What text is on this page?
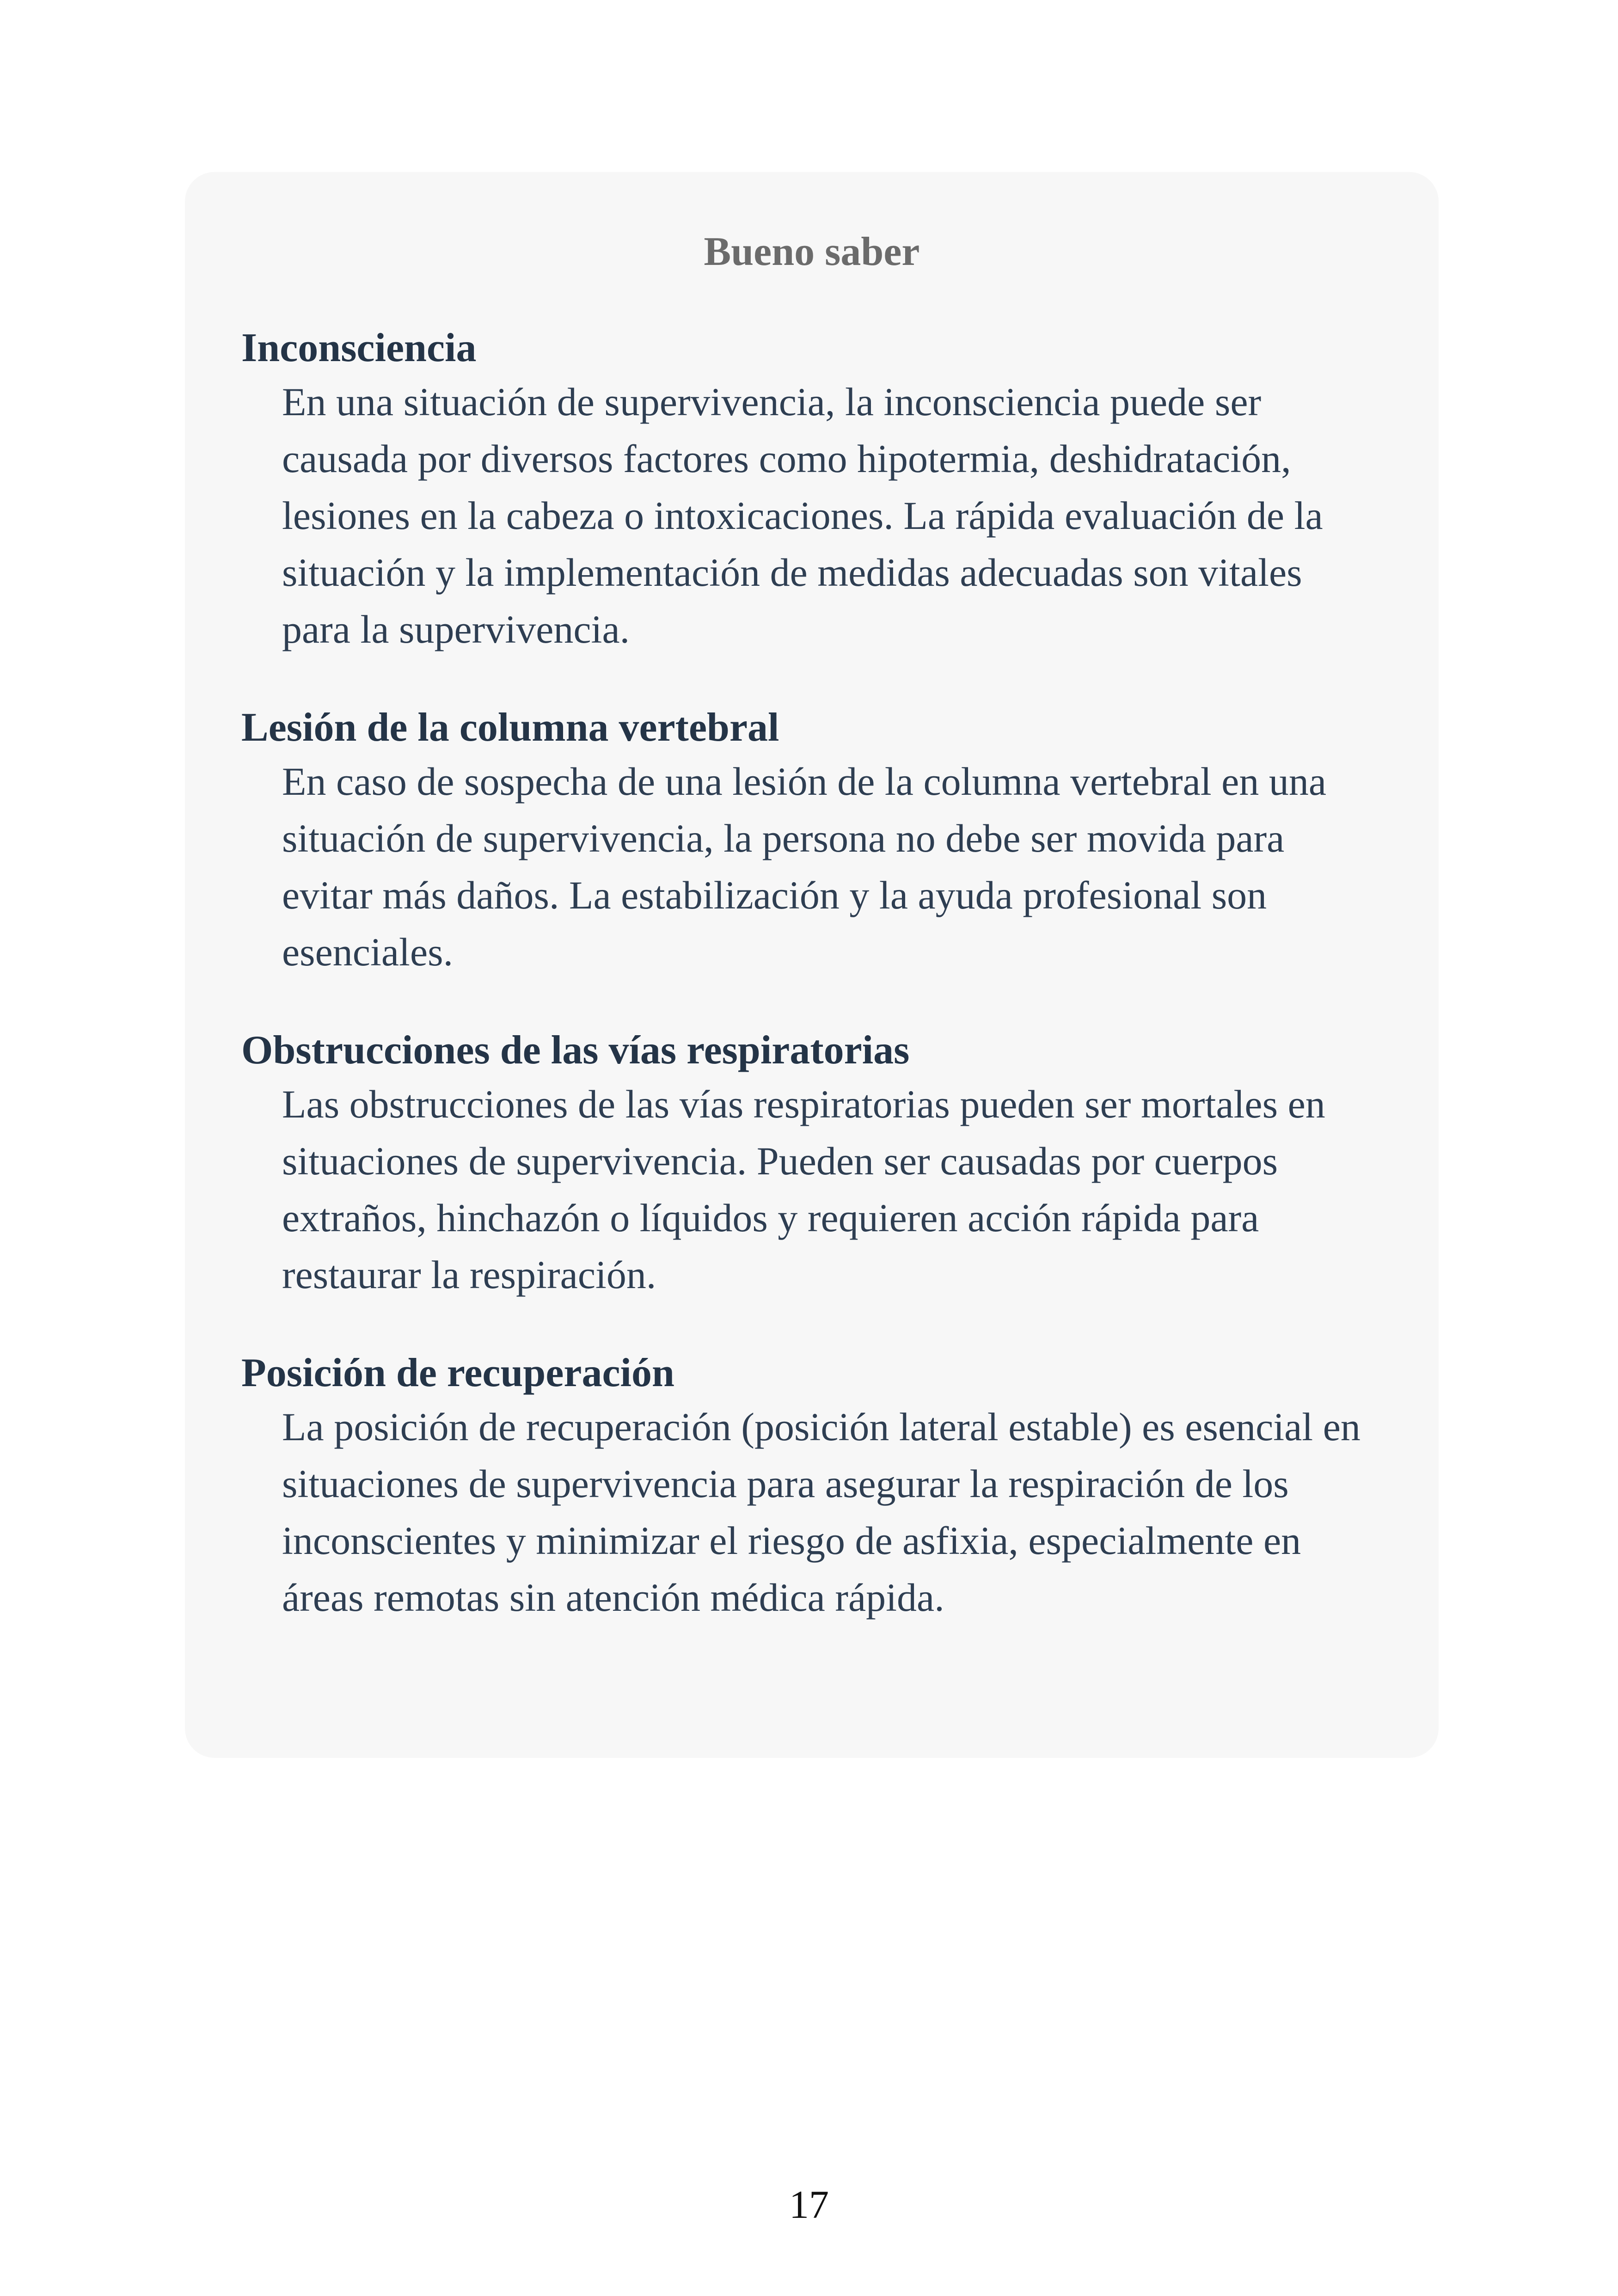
Bueno saber
Inconsciencia

En una situación de supervivencia, la inconsciencia puede ser causada por diversos factores como hipotermia, deshidratación, lesiones en la cabeza o intoxicaciones. La rápida evaluación de la situación y la implementación de medidas adecuadas son vitales para la supervivencia.

Lesión de la columna vertebral

En caso de sospecha de una lesión de la columna vertebral en una situación de supervivencia, la persona no debe ser movida para evitar más daños. La estabilización y la ayuda profesional son esenciales.

Obstrucciones de las vías respiratorias

Las obstrucciones de las vías respiratorias pueden ser mortales en situaciones de supervivencia. Pueden ser causadas por cuerpos extraños, hinchazón o líquidos y requieren acción rápida para restaurar la respiración.

Posición de recuperación

La posición de recuperación (posición lateral estable) es esencial en situaciones de supervivencia para asegurar la respiración de los inconscientes y minimizar el riesgo de asfixia, especialmente en áreas remotas sin atención médica rápida.

17
